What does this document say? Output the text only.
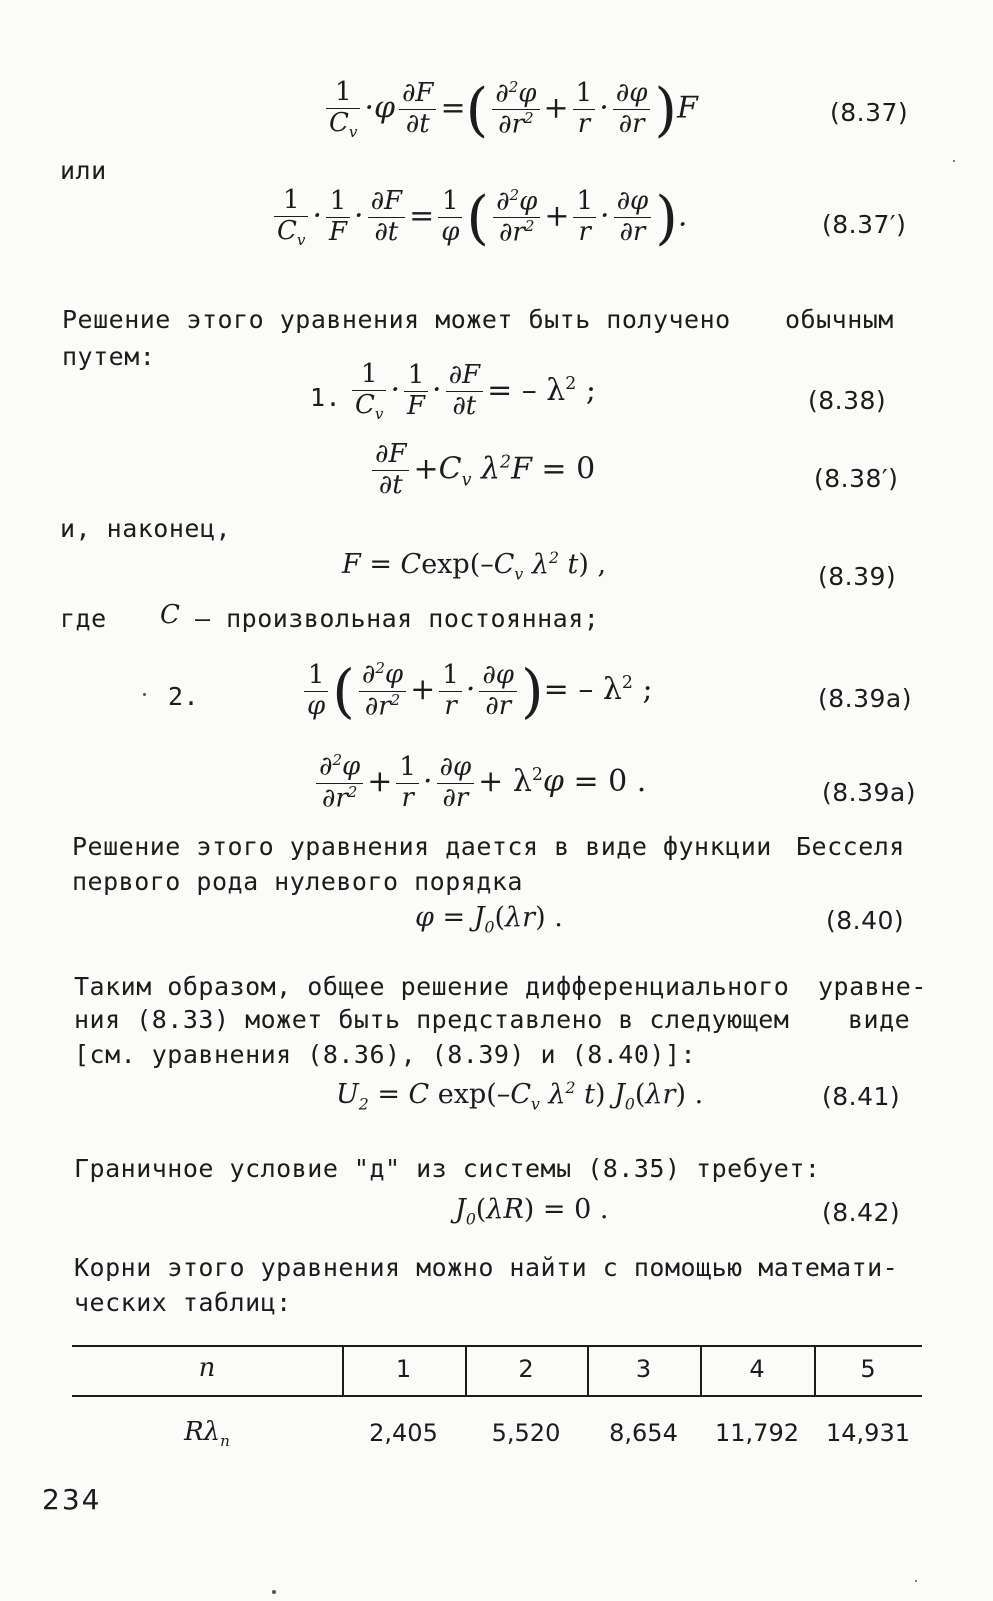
$\frac{1}{C_v} \cdot\varphi \frac{\partial F}{\partial t}$ =( $\frac{\partial^2\varphi}{\partial r^2} + \frac{1}{r} \cdot \frac{\partial\varphi}{\partial r} )F$	(8.37)
или
$\frac{1}{C_v} \cdot \frac{1}{F} \cdot \frac{\partial F}{\partial t} = \frac{1}{\varphi}$ ( $\frac{\partial^2\varphi}{\partial r^2} + \frac{1}{r} \cdot \frac{\partial\varphi}{\partial r}$ ).	(8.37′)
Решение этого уравнения может быть получено обычным
путем:
1. $\frac{1}{C_v} \cdot \frac{1}{F} \cdot \frac{\partial F}{\partial t}$ = – $\lambda^2$ ;	(8.38)
$\frac{\partial F}{\partial t} +C_v$ $\lambda^2F = 0$	(8.38′)
и, наконец,
$F = Cexp(-C_v$ $\lambda^2$ t) ,	(8.39)
где C – произвольная постоянная;
2.	$\frac{1}{\varphi}$ ( $\frac{\partial^2\varphi}{\partial r^2} + \frac{1}{r} \cdot \frac{\partial\varphi}{\partial r}$ )= – $\lambda^2$ ;	(8.39a)
$\frac{\partial^2\varphi}{\partial r^2} + \frac{1}{r} \cdot \frac{\partial\varphi}{\partial r} + \lambda^2\varphi = 0$ .	(8.39a)
Решение этого уравнения дается в виде функции Бесселя
первого рода нулевого порядка
$\varphi = J_0(\lambda r)$ .	(8.40)
Таким образом, общее решение дифференциального уравне-
ния (8.33) может быть представлено в следующем виде
[см. уравнения (8.36), (8.39) и (8.40)]:
$U_2 = C$ $\exp(-C_v$ $\lambda^2$ t) $J_0(\lambda r)$ .	(8.41)
Граничное условие "д" из системы (8.35) требует:
$J_0(\lambda R) = 0$ .	(8.42)
Корни этого уравнения можно найти с помощью математи-
ческих таблиц:
n	1	2	3	4	5
$R\lambda_n$	2,405	5,520	8,654	11,792	14,931
234
